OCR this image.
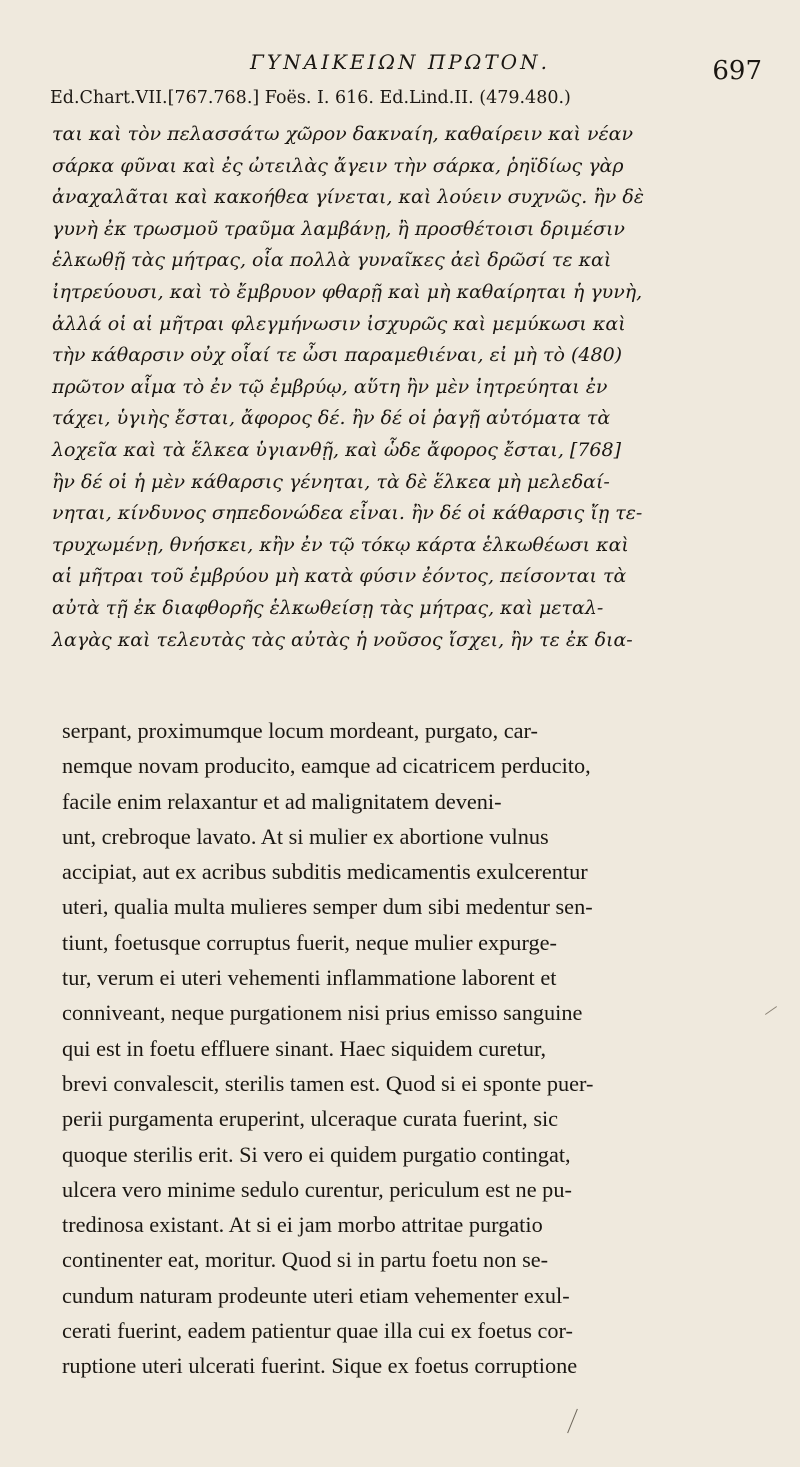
ΓΥΝΑΙΚΕΙΩΝ ΠΡΩΤΟΝ.	697
Ed.Chart.VII.[767.768.] Foës. I. 616. Ed.Lind.II. (479.480.)
ται καὶ τὸν πελασσάτω χῶρον δακναίη, καθαίρειν καὶ νέαν
σάρκα φῦναι καὶ ἐς ὠτειλὰς ἄγειν τὴν σάρκα, ῥηϊδίως γὰρ
ἀναχαλᾶται καὶ κακοήθεα γίνεται, καὶ λούειν συχνῶς. ἢν δὲ
γυνὴ ἐκ τρωσμοῦ τραῦμα λαμβάνῃ, ἢ προσθέτοισι δριμέσιν
ἑλκωθῇ τὰς μήτρας, οἷα πολλὰ γυναῖκες ἀεὶ δρῶσί τε καὶ
ἰητρεύουσι, καὶ τὸ ἔμβρυον φθαρῇ καὶ μὴ καθαίρηται ἡ γυνὴ,
ἀλλά οἱ αἱ μῆτραι φλεγμήνωσιν ἰσχυρῶς καὶ μεμύκωσι καὶ
τὴν κάθαρσιν οὐχ οἷαί τε ὦσι παραμεθιέναι, εἰ μὴ τὸ (480)
πρῶτον αἷμα τὸ ἐν τῷ ἐμβρύῳ, αὕτη ἢν μὲν ἰητρεύηται ἐν
τάχει, ὑγιὴς ἔσται, ἄφορος δέ. ἢν δέ οἱ ῥαγῇ αὐτόματα τὰ
λοχεῖα καὶ τὰ ἕλκεα ὑγιανθῇ, καὶ ὧδε ἄφορος ἔσται, [768]
ἢν δέ οἱ ἡ μὲν κάθαρσις γένηται, τὰ δὲ ἕλκεα μὴ μελεδαί-
νηται, κίνδυνος σηπεδονώδεα εἶναι. ἢν δέ οἱ κάθαρσις ἴῃ τε-
τρυχωμένῃ, θνήσκει, κἢν ἐν τῷ τόκῳ κάρτα ἑλκωθέωσι καὶ
αἱ μῆτραι τοῦ ἐμβρύου μὴ κατὰ φύσιν ἐόντος, πείσονται τὰ
αὐτὰ τῇ ἐκ διαφθορῆς ἑλκωθείσῃ τὰς μήτρας, καὶ μεταλ-
λαγὰς καὶ τελευτὰς τὰς αὐτὰς ἡ νοῦσος ἴσχει, ἢν τε ἐκ δια-
serpant, proximumque locum mordeant, purgato, car-
nemque novam producito, eamque ad cicatricem perducito,
facile enim relaxantur et ad malignitatem deveni-
unt, crebroque lavato. At si mulier ex abortione vulnus
accipiat, aut ex acribus subditis medicamentis exulcerentur
uteri, qualia multa mulieres semper dum sibi medentur sen-
tiunt, foetusque corruptus fuerit, neque mulier expurge-
tur, verum ei uteri vehementi inflammatione laborent et
conniveant, neque purgationem nisi prius emisso sanguine
qui est in foetu effluere sinant. Haec siquidem curetur,
brevi convalescit, sterilis tamen est. Quod si ei sponte puer-
perii purgamenta eruperint, ulceraque curata fuerint, sic
quoque sterilis erit. Si vero ei quidem purgatio contingat,
ulcera vero minime sedulo curentur, periculum est ne pu-
tredinosa existant. At si ei jam morbo attritae purgatio
continenter eat, moritur. Quod si in partu foetu non se-
cundum naturam prodeunte uteri etiam vehementer exul-
cerati fuerint, eadem patientur quae illa cui ex foetus cor-
ruptione uteri ulcerati fuerint. Sique ex foetus corruptione
